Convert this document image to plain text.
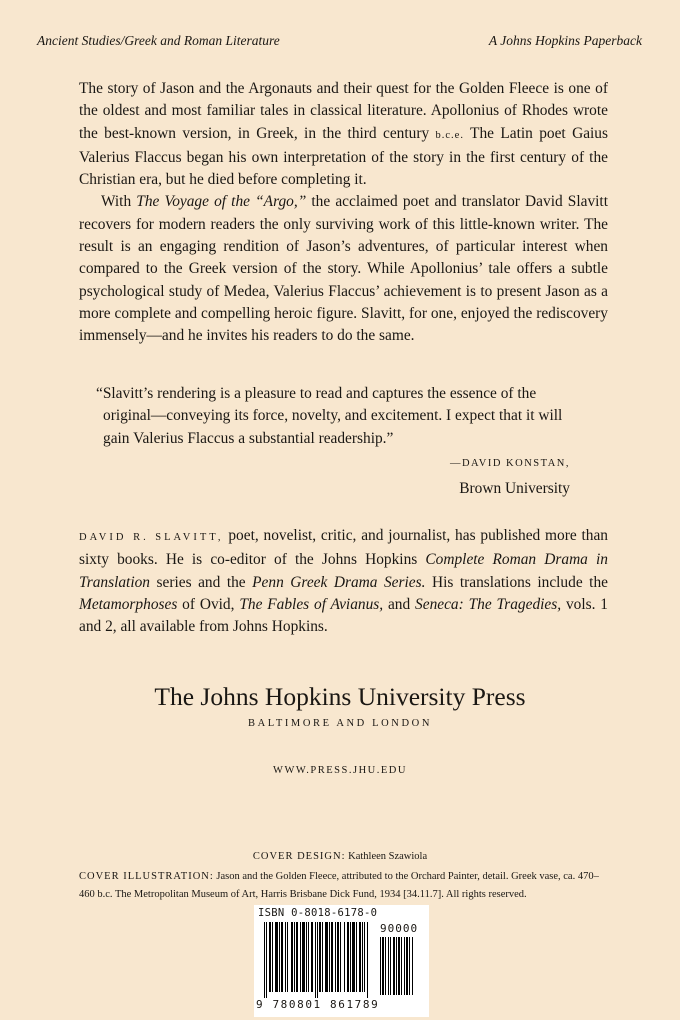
Ancient Studies/Greek and Roman Literature	A Johns Hopkins Paperback

The story of Jason and the Argonauts and their quest for the Golden Fleece is one of the oldest and most familiar tales in classical literature. Apollonius of Rhodes wrote the best-known version, in Greek, in the third century b.c.e. The Latin poet Gaius Valerius Flaccus began his own interpretation of the story in the first century of the Christian era, but he died before completing it.

With The Voyage of the “Argo,” the acclaimed poet and translator David Slavitt recovers for modern readers the only surviving work of this little-known writer. The result is an engaging rendition of Jason’s adventures, of particular interest when compared to the Greek version of the story. While Apollonius’ tale offers a subtle psychological study of Medea, Valerius Flaccus’ achievement is to present Jason as a more complete and compelling heroic figure. Slavitt, for one, enjoyed the rediscovery immensely—and he invites his readers to do the same.

“Slavitt’s rendering is a pleasure to read and captures the essence of the original—conveying its force, novelty, and excitement. I expect that it will gain Valerius Flaccus a substantial readership.”
—DAVID KONSTAN,
Brown University

DAVID R. SLAVITT, poet, novelist, critic, and journalist, has published more than sixty books. He is co-editor of the Johns Hopkins Complete Roman Drama in Translation series and the Penn Greek Drama Series. His translations include the Metamorphoses of Ovid, The Fables of Avianus, and Seneca: The Tragedies, vols. 1 and 2, all available from Johns Hopkins.

The Johns Hopkins University Press
BALTIMORE AND LONDON
WWW.PRESS.JHU.EDU
COVER DESIGN: Kathleen Szawiola
COVER ILLUSTRATION: Jason and the Golden Fleece, attributed to the Orchard Painter, detail. Greek vase, ca. 470–460 b.c. The Metropolitan Museum of Art, Harris Brisbane Dick Fund, 1934 [34.11.7]. All rights reserved.
ISBN 0-8018-6178-0
90000
9 780801 861789
